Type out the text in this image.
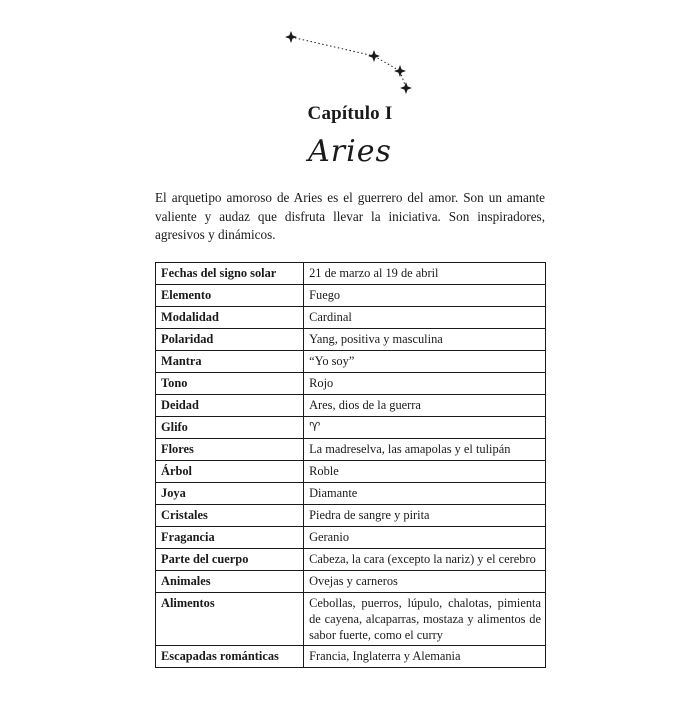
Capítulo I
Aries

El arquetipo amoroso de Aries es el guerrero del amor. Son un amante valiente y audaz que disfruta llevar la iniciativa. Son inspiradores, agresivos y dinámicos.

Fechas del signo solar	21 de marzo al 19 de abril
Elemento	Fuego
Modalidad	Cardinal
Polaridad	Yang, positiva y masculina
Mantra	“Yo soy”
Tono	Rojo
Deidad	Ares, dios de la guerra
Glifo	♈︎
Flores	La madreselva, las amapolas y el tulipán
Árbol	Roble
Joya	Diamante
Cristales	Piedra de sangre y pirita
Fragancia	Geranio
Parte del cuerpo	Cabeza, la cara (excepto la nariz) y el cerebro
Animales	Ovejas y carneros
Alimentos	Cebollas, puerros, lúpulo, chalotas, pimienta de cayena, alcaparras, mostaza y alimentos de sabor fuerte, como el curry
Escapadas románticas	Francia, Inglaterra y Alemania
